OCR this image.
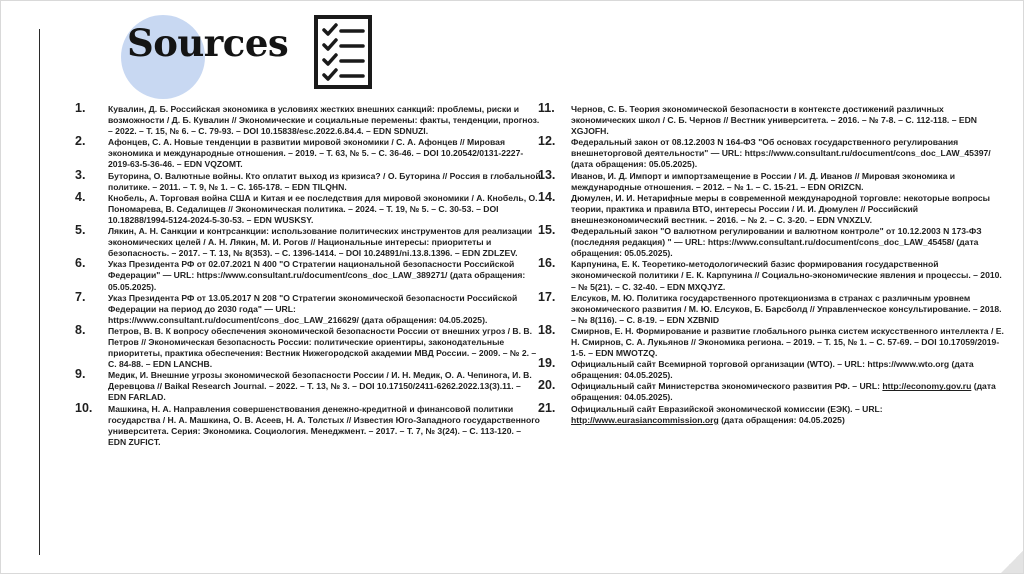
Sources
1.	Кувалин, Д. Б. Российская экономика в условиях жестких внешних санкций: проблемы, риски и возможности / Д. Б. Кувалин // Экономические и социальные перемены: факты, тенденции, прогноз. – 2022. – Т. 15, № 6. – С. 79-93. – DOI 10.15838/esc.2022.6.84.4. – EDN SDNUZI.
2.	Афонцев, С. А. Новые тенденции в развитии мировой экономики / С. А. Афонцев // Мировая экономика и международные отношения. – 2019. – Т. 63, № 5. – С. 36-46. – DOI 10.20542/0131-2227-2019-63-5-36-46. – EDN VQZOMT.
3.	Буторина, О. Валютные войны. Кто оплатит выход из кризиса? / О. Буторина // Россия в глобальной политике. – 2011. – Т. 9, № 1. – С. 165-178. – EDN TILQHN.
4.	Кнобель, А. Торговая война США и Китая и ее последствия для мировой экономики / А. Кнобель, О. Пономарева, В. Седалищев // Экономическая политика. – 2024. – Т. 19, № 5. – С. 30-53. – DOI 10.18288/1994-5124-2024-5-30-53. – EDN WUSKSY.
5.	Лякин, А. Н. Санкции и контрсанкции: использование политических инструментов для реализации экономических целей / А. Н. Лякин, М. И. Рогов // Национальные интересы: приоритеты и безопасность. – 2017. – Т. 13, № 8(353). – С. 1396-1414. – DOI 10.24891/ni.13.8.1396. – EDN ZDLZEV.
6.	Указ Президента РФ от 02.07.2021 N 400 "О Стратегии национальной безопасности Российской Федерации" — URL: https://www.consultant.ru/document/cons_doc_LAW_389271/ (дата обращения: 05.05.2025).
7.	Указ Президента РФ от 13.05.2017 N 208 "О Стратегии экономической безопасности Российской Федерации на период до 2030 года" — URL: https://www.consultant.ru/document/cons_doc_LAW_216629/ (дата обращения: 04.05.2025).
8.	Петров, В. В. К вопросу обеспечения экономической безопасности России от внешних угроз / В. В. Петров // Экономическая безопасность России: политические ориентиры, законодательные приоритеты, практика обеспечения: Вестник Нижегородской академии МВД России. – 2009. – № 2. – С. 84-88. – EDN LANCHB.
9.	Медик, И. Внешние угрозы экономической безопасности России / И. Н. Медик, О. А. Чепинога, И. В. Деревцова // Baikal Research Journal. – 2022. – Т. 13, № 3. – DOI 10.17150/2411-6262.2022.13(3).11. – EDN FARLAD.
10.	Машкина, Н. А. Направления совершенствования денежно-кредитной и финансовой политики государства / Н. А. Машкина, О. В. Асеев, Н. А. Толстых // Известия Юго-Западного государственного университета. Серия: Экономика. Социология. Менеджмент. – 2017. – Т. 7, № 3(24). – С. 113-120. – EDN ZUFICT.
11.	Чернов, С. Б. Теория экономической безопасности в контексте достижений различных экономических школ / С. Б. Чернов // Вестник университета. – 2016. – № 7-8. – С. 112-118. – EDN XGJOFH.
12.	Федеральный закон от 08.12.2003 N 164-ФЗ "Об основах государственного регулирования внешнеторговой деятельности" — URL: https://www.consultant.ru/document/cons_doc_LAW_45397/ (дата обращения: 05.05.2025).
13.	Иванов, И. Д. Импорт и импортзамещение в России / И. Д. Иванов // Мировая экономика и международные отношения. – 2012. – № 1. – С. 15-21. – EDN ORIZCN.
14.	Дюмулен, И. И. Нетарифные меры в современной международной торговле: некоторые вопросы теории, практика и правила ВТО, интересы России / И. И. Дюмулен // Российский внешнеэкономический вестник. – 2016. – № 2. – С. 3-20. – EDN VNXZLV.
15.	Федеральный закон "О валютном регулировании и валютном контроле" от 10.12.2003 N 173-ФЗ (последняя редакция) " — URL: https://www.consultant.ru/document/cons_doc_LAW_45458/ (дата обращения: 05.05.2025).
16.	Карпунина, Е. К. Теоретико-методологический базис формирования государственной экономической политики / Е. К. Карпунина // Социально-экономические явления и процессы. – 2010. – № 5(21). – С. 32-40. – EDN MXQJYZ.
17.	Елсуков, М. Ю. Политика государственного протекционизма в странах с различным уровнем экономического развития / М. Ю. Елсуков, Б. Барсболд // Управленческое консультирование. – 2018. – № 8(116). – С. 8-19. – EDN XZBNID
18.	Смирнов, Е. Н. Формирование и развитие глобального рынка систем искусственного интеллекта / Е. Н. Смирнов, С. А. Лукьянов // Экономика региона. – 2019. – Т. 15, № 1. – С. 57-69. – DOI 10.17059/2019-1-5. – EDN MWOTZQ.
19.	Официальный сайт Всемирной торговой организации (WTO). – URL: https://www.wto.org (дата обращения: 04.05.2025).
20.	Официальный сайт Министерства экономического развития РФ. – URL: http://economy.gov.ru (дата обращения: 04.05.2025).
21.	Официальный сайт Евразийской экономической комиссии (ЕЭК). – URL: http://www.eurasiancommission.org (дата обращения: 04.05.2025)
